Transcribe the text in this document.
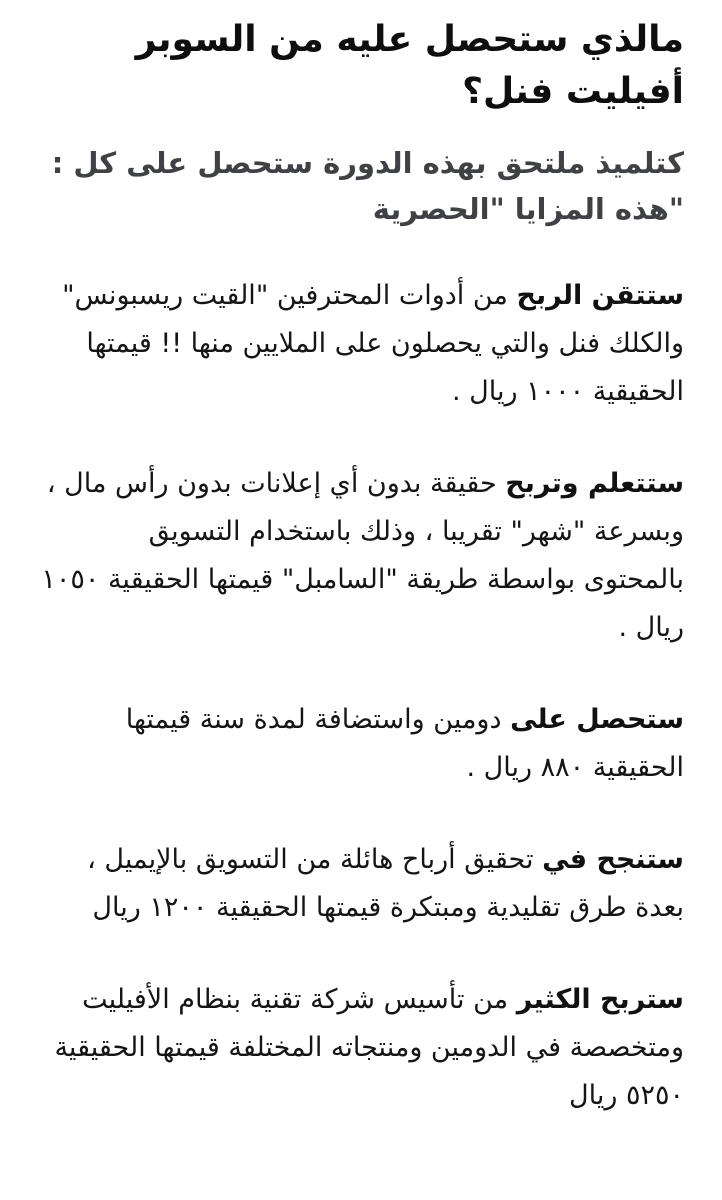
مالذي ستحصل عليه من السوبر أفيليت فنل؟

كتلميذ ملتحق بهذه الدورة ستحصل على كل : "هذه المزايا "الحصرية

ستتقن الربح من أدوات المحترفين "القيت ريسبونس" والكلك فنل والتي يحصلون على الملايين منها !! قيمتها الحقيقية ١٠٠٠ ريال .

ستتعلم وتربح حقيقة بدون أي إعلانات بدون رأس مال ، وبسرعة "شهر" تقريبا ، وذلك باستخدام التسويق بالمحتوى بواسطة طريقة "السامبل" قيمتها الحقيقية ١٠٥٠ ريال .

ستحصل على دومين واستضافة لمدة سنة قيمتها الحقيقية ٨٨٠ ريال .

ستنجح في تحقيق أرباح هائلة من التسويق بالإيميل ، بعدة طرق تقليدية ومبتكرة قيمتها الحقيقية ١٢٠٠ ريال

ستربح الكثير من تأسيس شركة تقنية بنظام الأفيليت ومتخصصة في الدومين ومنتجاته المختلفة قيمتها الحقيقية ٥٢٥٠ ريال
